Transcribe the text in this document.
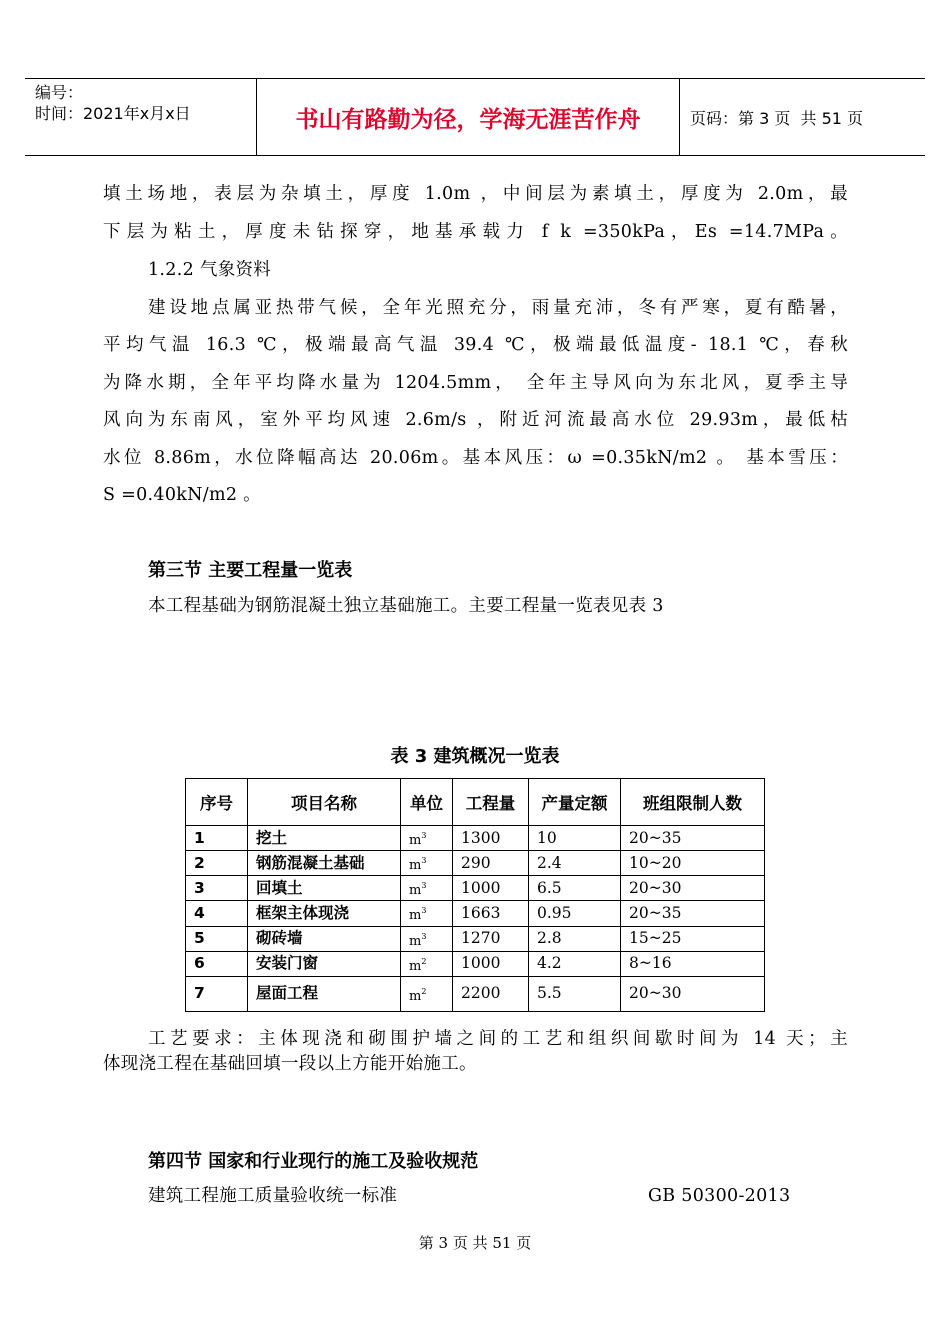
编号：
时间：2021年x月x日	书山有路勤为径，学海无涯苦作舟	页码：第 3 页  共 51 页
填土场地，表层为杂填土，厚度 1.0m ，中间层为素填土，厚度为 2.0m，最
下层为粘土，厚度未钻探穿，地基承载力 f k =350kPa，Es =14.7MPa。
1.2.2 气象资料
建设地点属亚热带气候，全年光照充分，雨量充沛，冬有严寒，夏有酷暑，
平均气温 16.3 ℃，极端最高气温 39.4 ℃，极端最低温度- 18.1 ℃，春秋
为降水期，全年平均降水量为 1204.5mm， 全年主导风向为东北风，夏季主导
风向为东南风，室外平均风速 2.6m/s ，附近河流最高水位 29.93m，最低枯
水位 8.86m，水位降幅高达 20.06m。基本风压：ω =0.35kN/m2 。 基本雪压：
S =0.40kN/m2 。
第三节 主要工程量一览表
本工程基础为钢筋混凝土独立基础施工。主要工程量一览表见表 3
表 3 建筑概况一览表
序号	项目名称	单位	工程量	产量定额	班组限制人数
1	挖土	$m^3$	1300	10	20~35
2	钢筋混凝土基础	$m^3$	290	2.4	10~20
3	回填土	$m^3$	1000	6.5	20~30
4	框架主体现浇	$m^3$	1663	0.95	20~35
5	砌砖墙	$m^3$	1270	2.8	15~25
6	安装门窗	$m^2$	1000	4.2	8~16
7	屋面工程	$m^2$	2200	5.5	20~30
工艺要求：主体现浇和砌围护墙之间的工艺和组织间歇时间为 14 天；主
体现浇工程在基础回填一段以上方能开始施工。
第四节 国家和行业现行的施工及验收规范
建筑工程施工质量验收统一标准	GB 50300-2013
第 3 页 共 51 页
